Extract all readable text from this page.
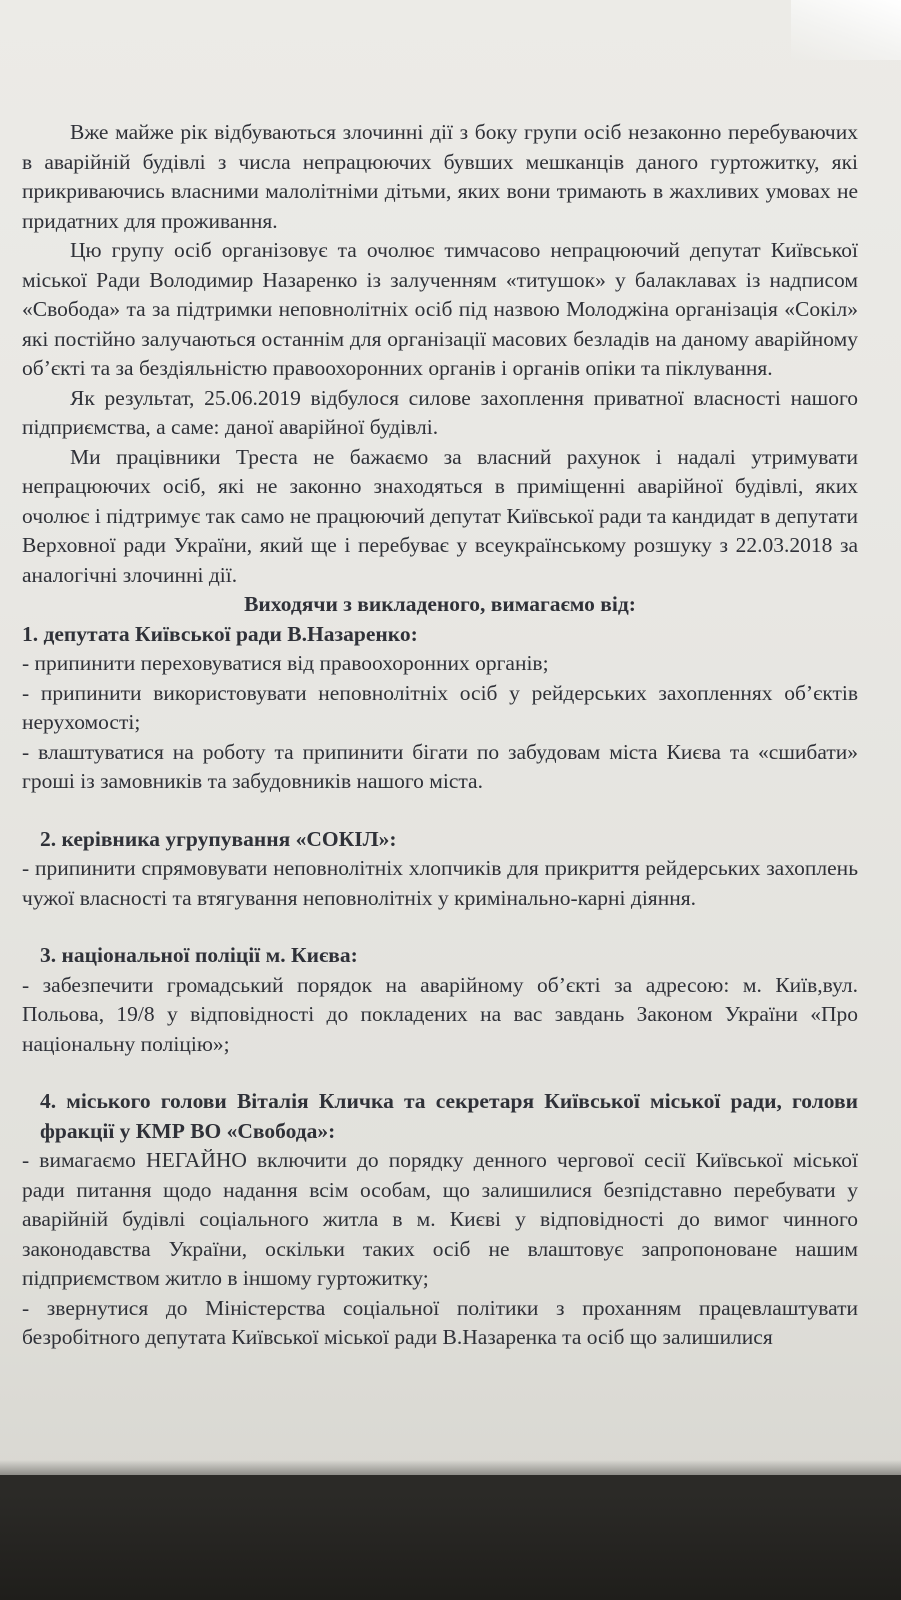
Вже майже рік відбуваються злочинні дії з боку групи осіб незаконно перебуваючих в аварійній будівлі з числа непрацюючих бувших мешканців даного гуртожитку, які прикриваючись власними малолітніми дітьми, яких вони тримають в жахливих умовах не придатних для проживання.

Цю групу осіб організовує та очолює тимчасово непрацюючий депутат Київської міської Ради Володимир Назаренко із залученням «титушок» у балаклавах із надписом «Свобода» та за підтримки неповнолітніх осіб під назвою Молоджіна організація «Сокіл» які постійно залучаються останнім для організації масових безладів на даному аварійному об’єкті та за бездіяльністю правоохоронних органів і органів опіки та піклування.

Як результат, 25.06.2019 відбулося силове захоплення приватної власності нашого підприємства, а саме: даної аварійної будівлі.

Ми працівники Треста не бажаємо за власний рахунок і надалі утримувати непрацюючих осіб, які не законно знаходяться в приміщенні аварійної будівлі, яких очолює і підтримує так само не працюючий депутат Київської ради та кандидат в депутати Верховної ради України, який ще і перебуває у всеукраїнському розшуку з 22.03.2018 за аналогічні злочинні дії.

Виходячи з викладеного, вимагаємо від:

1. депутата Київської ради В.Назаренко:

- припинити переховуватися від правоохоронних органів;

- припинити використовувати неповнолітніх осіб у рейдерських захопленнях об’єктів нерухомості;

- влаштуватися на роботу та припинити бігати по забудовам міста Києва та «сшибати» гроші із замовників та забудовників нашого міста.

2. керівника угрупування «СОКІЛ»:

- припинити спрямовувати неповнолітніх хлопчиків для прикриття рейдерських захоплень чужої власності та втягування неповнолітніх у кримінально-карні діяння.

3. національної поліції м. Києва:

- забезпечити громадський порядок на аварійному об’єкті за адресою: м. Київ,вул. Польова, 19/8 у відповідності до покладених на вас завдань Законом України «Про національну поліцію»;

4. міського голови Віталія Кличка та секретаря Київської міської ради, голови фракції у КМР ВО «Свобода»:

- вимагаємо НЕГАЙНО включити до порядку денного чергової сесії Київської міської ради питання щодо надання всім особам, що залишилися безпідставно перебувати у аварійній будівлі соціального житла в м. Києві у відповідності до вимог чинного законодавства України, оскільки таких осіб не влаштовує запропоноване нашим підприємством житло в іншому гуртожитку;

- звернутися до Міністерства соціальної політики з проханням працевлаштувати безробітного депутата Київської міської ради В.Назаренка та осіб що залишилися
